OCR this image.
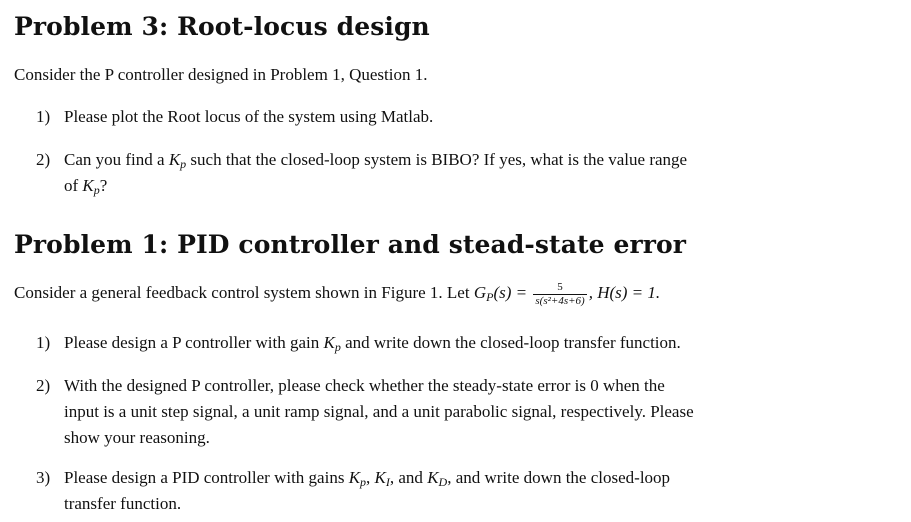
Problem 3: Root-locus design
Consider the P controller designed in Problem 1, Question 1.
1) Please plot the Root locus of the system using Matlab.
2) Can you find a $K_p$ such that the closed-loop system is BIBO? If yes, what is the value range
of $K_p$?
Problem 1: PID controller and stead-state error
Consider a general feedback control system shown in Figure 1. Let $G_P(s) = \frac{5}{\text{s(s²+4s+6)}}$ , H(s) = 1.
1) Please design a P controller with gain $K_p$ and write down the closed-loop transfer function.
2) With the designed P controller, please check whether the steady-state error is 0 when the
input is a unit step signal, a unit ramp signal, and a unit parabolic signal, respectively. Please
show your reasoning.
3) Please design a PID controller with gains $K_p$, $K_I$, and $K_D$, and write down the closed-loop
transfer function.
